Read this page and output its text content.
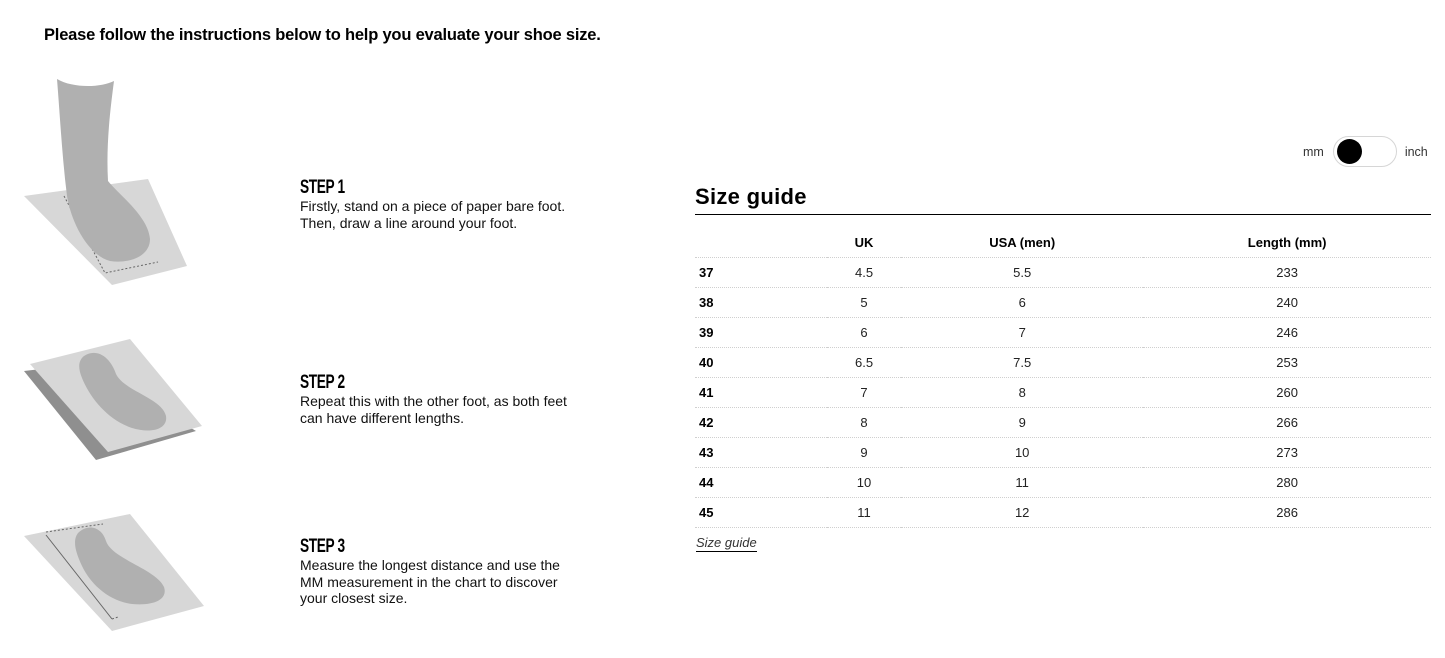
Please follow the instructions below to help you evaluate your shoe size.
STEP 1
Firstly, stand on a piece of paper bare foot. Then, draw a line around your foot.
STEP 2
Repeat this with the other foot, as both feet can have different lengths.
STEP 3
Measure the longest distance and use the MM measurement in the chart to discover your closest size.
mm	inch
Size guide
	UK	USA (men)	Length (mm)
37	4.5	5.5	233
38	5	6	240
39	6	7	246
40	6.5	7.5	253
41	7	8	260
42	8	9	266
43	9	10	273
44	10	11	280
45	11	12	286
Size guide
